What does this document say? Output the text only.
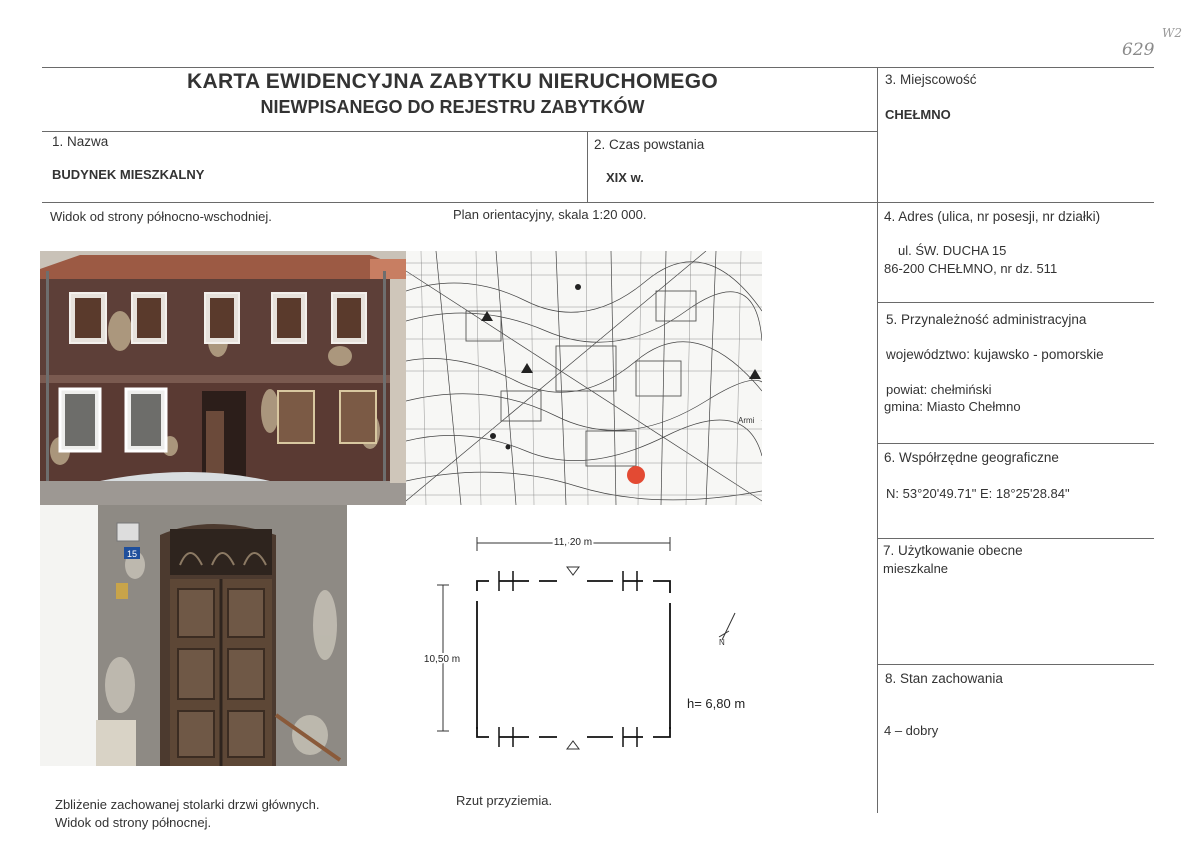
629
W2
KARTA EWIDENCYJNA ZABYTKU NIERUCHOMEGO
NIEWPISANEGO DO REJESTRU ZABYTKÓW
1. Nazwa
BUDYNEK MIESZKALNY
2. Czas powstania
XIX w.
3. Miejscowość
CHEŁMNO
4. Adres (ulica, nr posesji, nr działki)
ul. ŚW. DUCHA 15
86-200 CHEŁMNO, nr dz. 511
5. Przynależność administracyjna
województwo: kujawsko - pomorskie
powiat: chełmiński
gmina: Miasto Chełmno
6. Współrzędne geograficzne
N: 53°20'49.71" E: 18°25'28.84"
7. Użytkowanie obecne
mieszkalne
8. Stan zachowania
4 – dobry
Widok od strony północno-wschodniej.	Plan orientacyjny, skala 1:20 000.
Zbliżenie zachowanej stolarki drzwi głównych.
Widok od strony północnej.
Rzut przyziemia.
Armi
15
N
11, 20 m
10,50 m
h= 6,80 m
